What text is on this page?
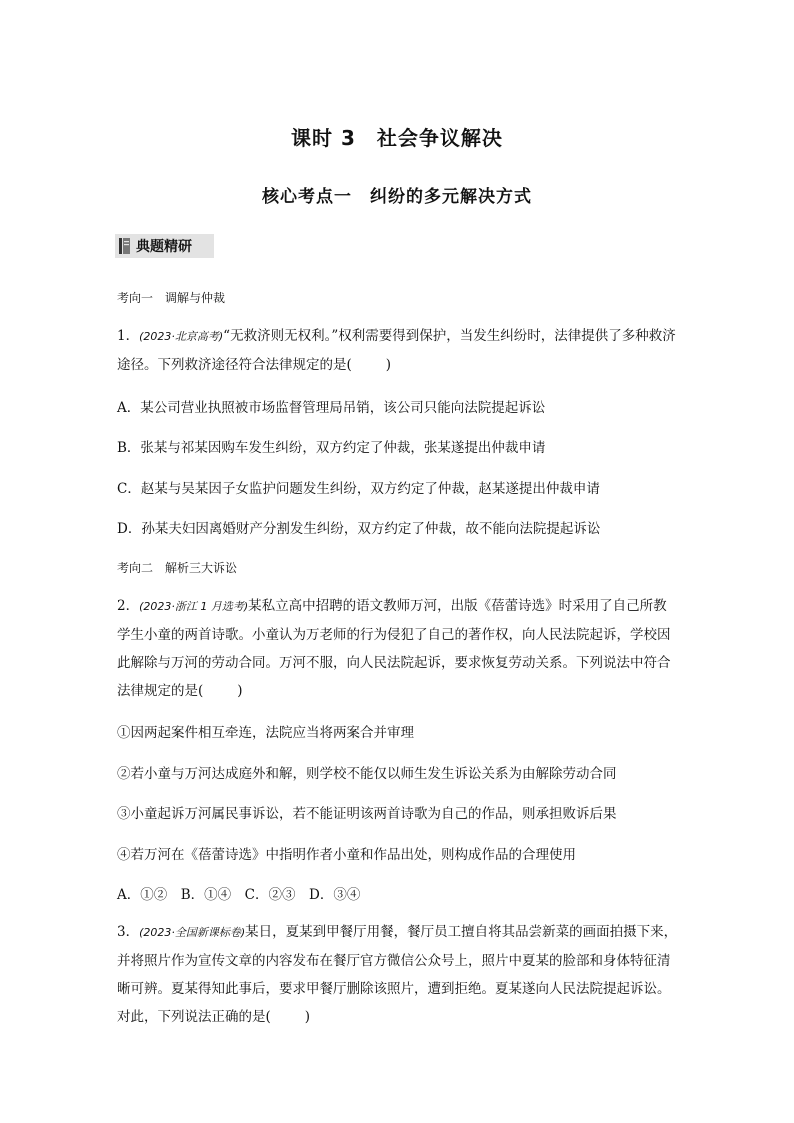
课时 3　社会争议解决
核心考点一　纠纷的多元解决方式
典题精研
考向一　调解与仲裁
1．(2023·北京高考)“无救济则无权利。”权利需要得到保护，当发生纠纷时，法律提供了多种救济途径。下列救济途径符合法律规定的是(	)
A．某公司营业执照被市场监督管理局吊销，该公司只能向法院提起诉讼
B．张某与祁某因购车发生纠纷，双方约定了仲裁，张某遂提出仲裁申请
C．赵某与吴某因子女监护问题发生纠纷，双方约定了仲裁，赵某遂提出仲裁申请
D．孙某夫妇因离婚财产分割发生纠纷，双方约定了仲裁，故不能向法院提起诉讼
考向二　解析三大诉讼
2．(2023·浙江 1 月选考)某私立高中招聘的语文教师万河，出版《蓓蕾诗选》时采用了自己所教学生小童的两首诗歌。小童认为万老师的行为侵犯了自己的著作权，向人民法院起诉，学校因此解除与万河的劳动合同。万河不服，向人民法院起诉，要求恢复劳动关系。下列说法中符合法律规定的是(	)
①因两起案件相互牵连，法院应当将两案合并审理
②若小童与万河达成庭外和解，则学校不能仅以师生发生诉讼关系为由解除劳动合同
③小童起诉万河属民事诉讼，若不能证明该两首诗歌为自己的作品，则承担败诉后果
④若万河在《蓓蕾诗选》中指明作者小童和作品出处，则构成作品的合理使用
A．①②　B．①④　C．②③　D．③④
3．(2023·全国新课标卷)某日，夏某到甲餐厅用餐，餐厅员工擅自将其品尝新菜的画面拍摄下来，并将照片作为宣传文章的内容发布在餐厅官方微信公众号上，照片中夏某的脸部和身体特征清晰可辨。夏某得知此事后，要求甲餐厅删除该照片，遭到拒绝。夏某遂向人民法院提起诉讼。对此，下列说法正确的是(	)
